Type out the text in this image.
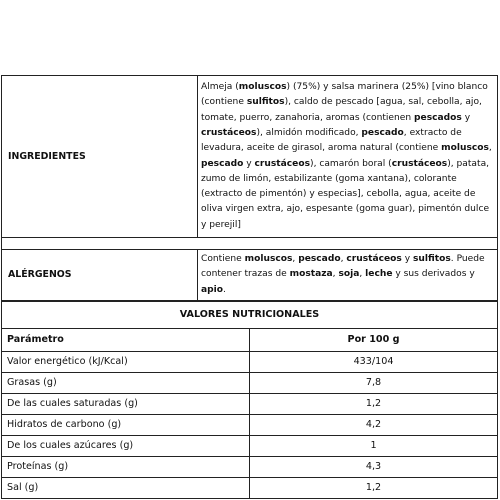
INGREDIENTES	Almeja (moluscos) (75%) y salsa marinera (25%) [vino blanco (contiene sulfitos), caldo de pescado [agua, sal, cebolla, ajo, tomate, puerro, zanahoria, aromas (contienen pescados y crustáceos), almidón modificado, pescado, extracto de levadura, aceite de girasol, aroma natural (contiene moluscos, pescado y crustáceos), camarón boral (crustáceos), patata, zumo de limón, estabilizante (goma xantana), colorante (extracto de pimentón) y especias], cebolla, agua, aceite de oliva virgen extra, ajo, espesante (goma guar), pimentón dulce y perejil]

ALÉRGENOS	Contiene moluscos, pescado, crustáceos y sulfitos. Puede contener trazas de mostaza, soja, leche y sus derivados y apio.
VALORES NUTRICIONALES	
Parámetro	Por 100 g
Valor energético (kJ/Kcal)	433/104
Grasas (g)	7,8
De las cuales saturadas (g)	1,2
Hidratos de carbono (g)	4,2
De los cuales azúcares (g)	1
Proteínas (g)	4,3
Sal (g)	1,2
